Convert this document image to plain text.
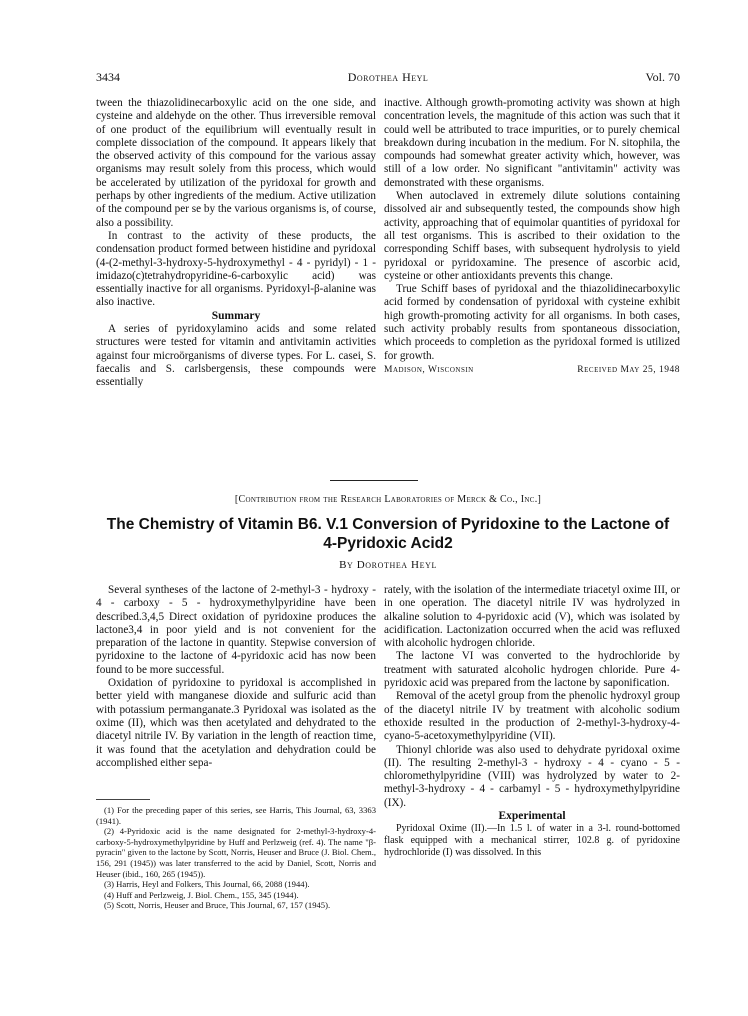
3434	Dorothea Heyl	Vol. 70

tween the thiazolidinecarboxylic acid on the one side, and cysteine and aldehyde on the other. Thus irreversible removal of one product of the equilibrium will eventually result in complete dissociation of the compound. It appears likely that the observed activity of this compound for the various assay organisms may result solely from this process, which would be accelerated by utilization of the pyridoxal for growth and perhaps by other ingredients of the medium. Active utilization of the compound per se by the various organisms is, of course, also a possibility.

In contrast to the activity of these products, the condensation product formed between histidine and pyridoxal (4-(2-methyl-3-hydroxy-5-hydroxymethyl - 4 - pyridyl) - 1 - imidazo(c)tetrahydropyridine-6-carboxylic acid) was essentially inactive for all organisms. Pyridoxyl-β-alanine was also inactive.

Summary

A series of pyridoxylamino acids and some related structures were tested for vitamin and antivitamin activities against four microörganisms of diverse types. For L. casei, S. faecalis and S. carlsbergensis, these compounds were essentially

inactive. Although growth-promoting activity was shown at high concentration levels, the magnitude of this action was such that it could well be attributed to trace impurities, or to purely chemical breakdown during incubation in the medium. For N. sitophila, the compounds had somewhat greater activity which, however, was still of a low order. No significant "antivitamin" activity was demonstrated with these organisms.

When autoclaved in extremely dilute solutions containing dissolved air and subsequently tested, the compounds show high activity, approaching that of equimolar quantities of pyridoxal for all test organisms. This is ascribed to their oxidation to the corresponding Schiff bases, with subsequent hydrolysis to yield pyridoxal or pyridoxamine. The presence of ascorbic acid, cysteine or other antioxidants prevents this change.

True Schiff bases of pyridoxal and the thiazolidinecarboxylic acid formed by condensation of pyridoxal with cysteine exhibit high growth-promoting activity for all organisms. In both cases, such activity probably results from spontaneous dissociation, which proceeds to completion as the pyridoxal formed is utilized for growth.

Madison, Wisconsin	Received May 25, 1948
[Contribution from the Research Laboratories of Merck & Co., Inc.]
The Chemistry of Vitamin B6. V.1 Conversion of Pyridoxine to the Lactone of
4-Pyridoxic Acid2
By Dorothea Heyl

Several syntheses of the lactone of 2-methyl-3 - hydroxy - 4 - carboxy - 5 - hydroxymethylpyridine have been described.3,4,5 Direct oxidation of pyridoxine produces the lactone3,4 in poor yield and is not convenient for the preparation of the lactone in quantity. Stepwise conversion of pyridoxine to the lactone of 4-pyridoxic acid has now been found to be more successful.

Oxidation of pyridoxine to pyridoxal is accomplished in better yield with manganese dioxide and sulfuric acid than with potassium permanganate.3 Pyridoxal was isolated as the oxime (II), which was then acetylated and dehydrated to the diacetyl nitrile IV. By variation in the length of reaction time, it was found that the acetylation and dehydration could be accomplished either sepa-

(1) For the preceding paper of this series, see Harris, This Journal, 63, 3363 (1941).

(2) 4-Pyridoxic acid is the name designated for 2-methyl-3-hydroxy-4-carboxy-5-hydroxymethylpyridine by Huff and Perlzweig (ref. 4). The name "β-pyracin" given to the lactone by Scott, Norris, Heuser and Bruce (J. Biol. Chem., 156, 291 (1945)) was later transferred to the acid by Daniel, Scott, Norris and Heuser (ibid., 160, 265 (1945)).

(3) Harris, Heyl and Folkers, This Journal, 66, 2088 (1944).

(4) Huff and Perlzweig, J. Biol. Chem., 155, 345 (1944).

(5) Scott, Norris, Heuser and Bruce, This Journal, 67, 157 (1945).

rately, with the isolation of the intermediate triacetyl oxime III, or in one operation. The diacetyl nitrile IV was hydrolyzed in alkaline solution to 4-pyridoxic acid (V), which was isolated by acidification. Lactonization occurred when the acid was refluxed with alcoholic hydrogen chloride.

The lactone VI was converted to the hydrochloride by treatment with saturated alcoholic hydrogen chloride. Pure 4-pyridoxic acid was prepared from the lactone by saponification.

Removal of the acetyl group from the phenolic hydroxyl group of the diacetyl nitrile IV by treatment with alcoholic sodium ethoxide resulted in the production of 2-methyl-3-hydroxy-4-cyano-5-acetoxymethylpyridine (VII).

Thionyl chloride was also used to dehydrate pyridoxal oxime (II). The resulting 2-methyl-3 - hydroxy - 4 - cyano - 5 - chloromethylpyridine (VIII) was hydrolyzed by water to 2-methyl-3-hydroxy - 4 - carbamyl - 5 - hydroxymethylpyridine (IX).

Experimental

Pyridoxal Oxime (II).—In 1.5 l. of water in a 3-l. round-bottomed flask equipped with a mechanical stirrer, 102.8 g. of pyridoxine hydrochloride (I) was dissolved. In this
